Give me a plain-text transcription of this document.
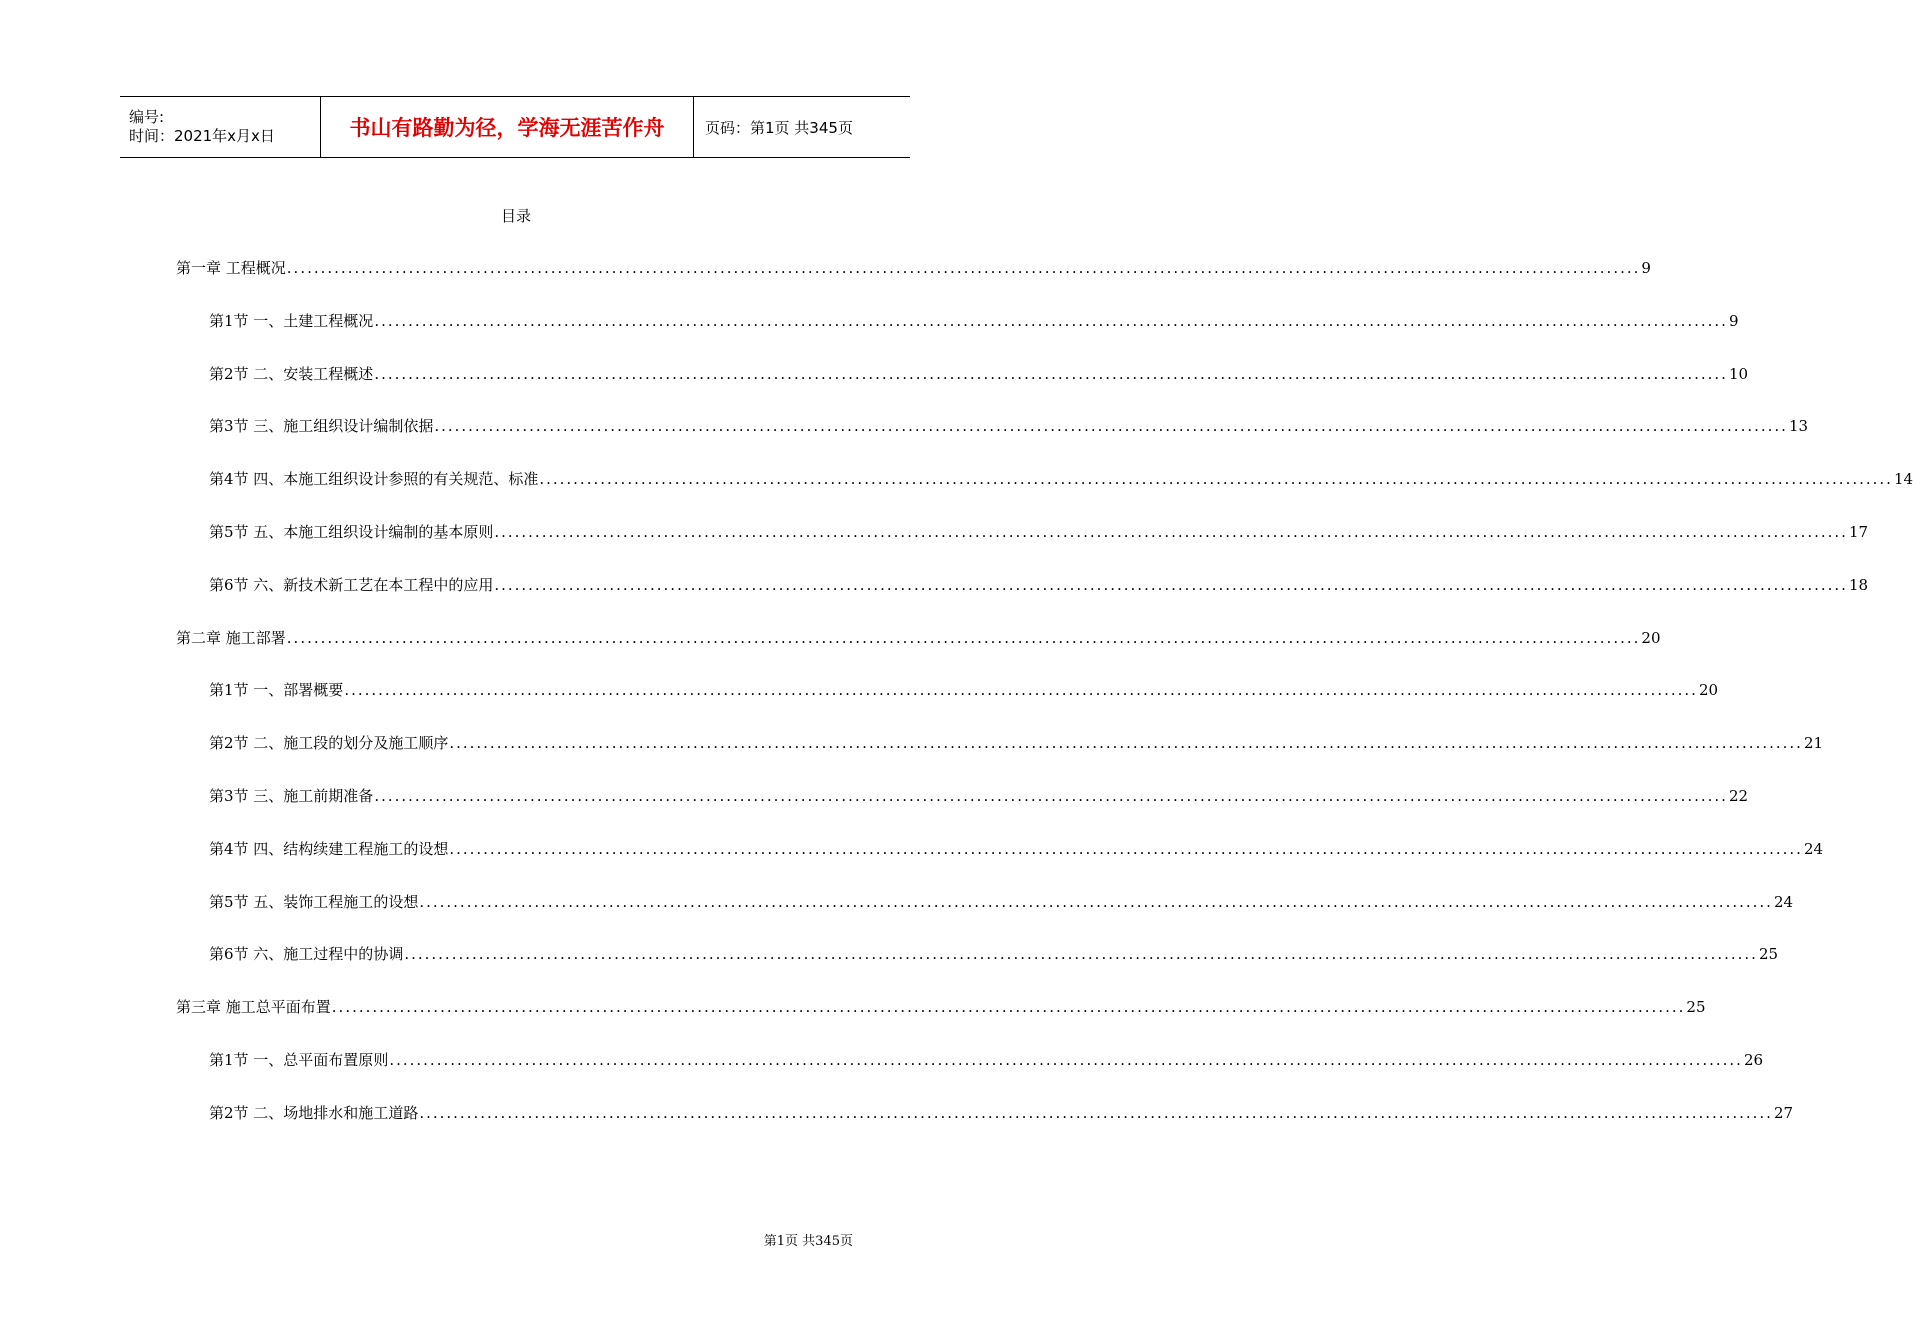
编号:
时间：2021年x月x日	书山有路勤为径，学海无涯苦作舟	页码：第1页 共345页
目录
第一章 工程概况 ........................................................................................................................................................................................................ 9
第1节 一、土建工程概况 ........................................................................................................................................................................................................ 9
第2节 二、安装工程概述 ........................................................................................................................................................................................................ 10
第3节 三、施工组织设计编制依据 ........................................................................................................................................................................................................ 13
第4节 四、本施工组织设计参照的有关规范、标准 ........................................................................................................................................................................................................ 14
第5节 五、本施工组织设计编制的基本原则 ........................................................................................................................................................................................................ 17
第6节 六、新技术新工艺在本工程中的应用 ........................................................................................................................................................................................................ 18
第二章 施工部署 ........................................................................................................................................................................................................ 20
第1节 一、部署概要 ........................................................................................................................................................................................................ 20
第2节 二、施工段的划分及施工顺序 ........................................................................................................................................................................................................ 21
第3节 三、施工前期准备 ........................................................................................................................................................................................................ 22
第4节 四、结构续建工程施工的设想 ........................................................................................................................................................................................................ 24
第5节 五、装饰工程施工的设想 ........................................................................................................................................................................................................ 24
第6节 六、施工过程中的协调 ........................................................................................................................................................................................................ 25
第三章 施工总平面布置 ........................................................................................................................................................................................................ 25
第1节 一、总平面布置原则 ........................................................................................................................................................................................................ 26
第2节 二、场地排水和施工道路 ........................................................................................................................................................................................................ 27
第1页 共345页
